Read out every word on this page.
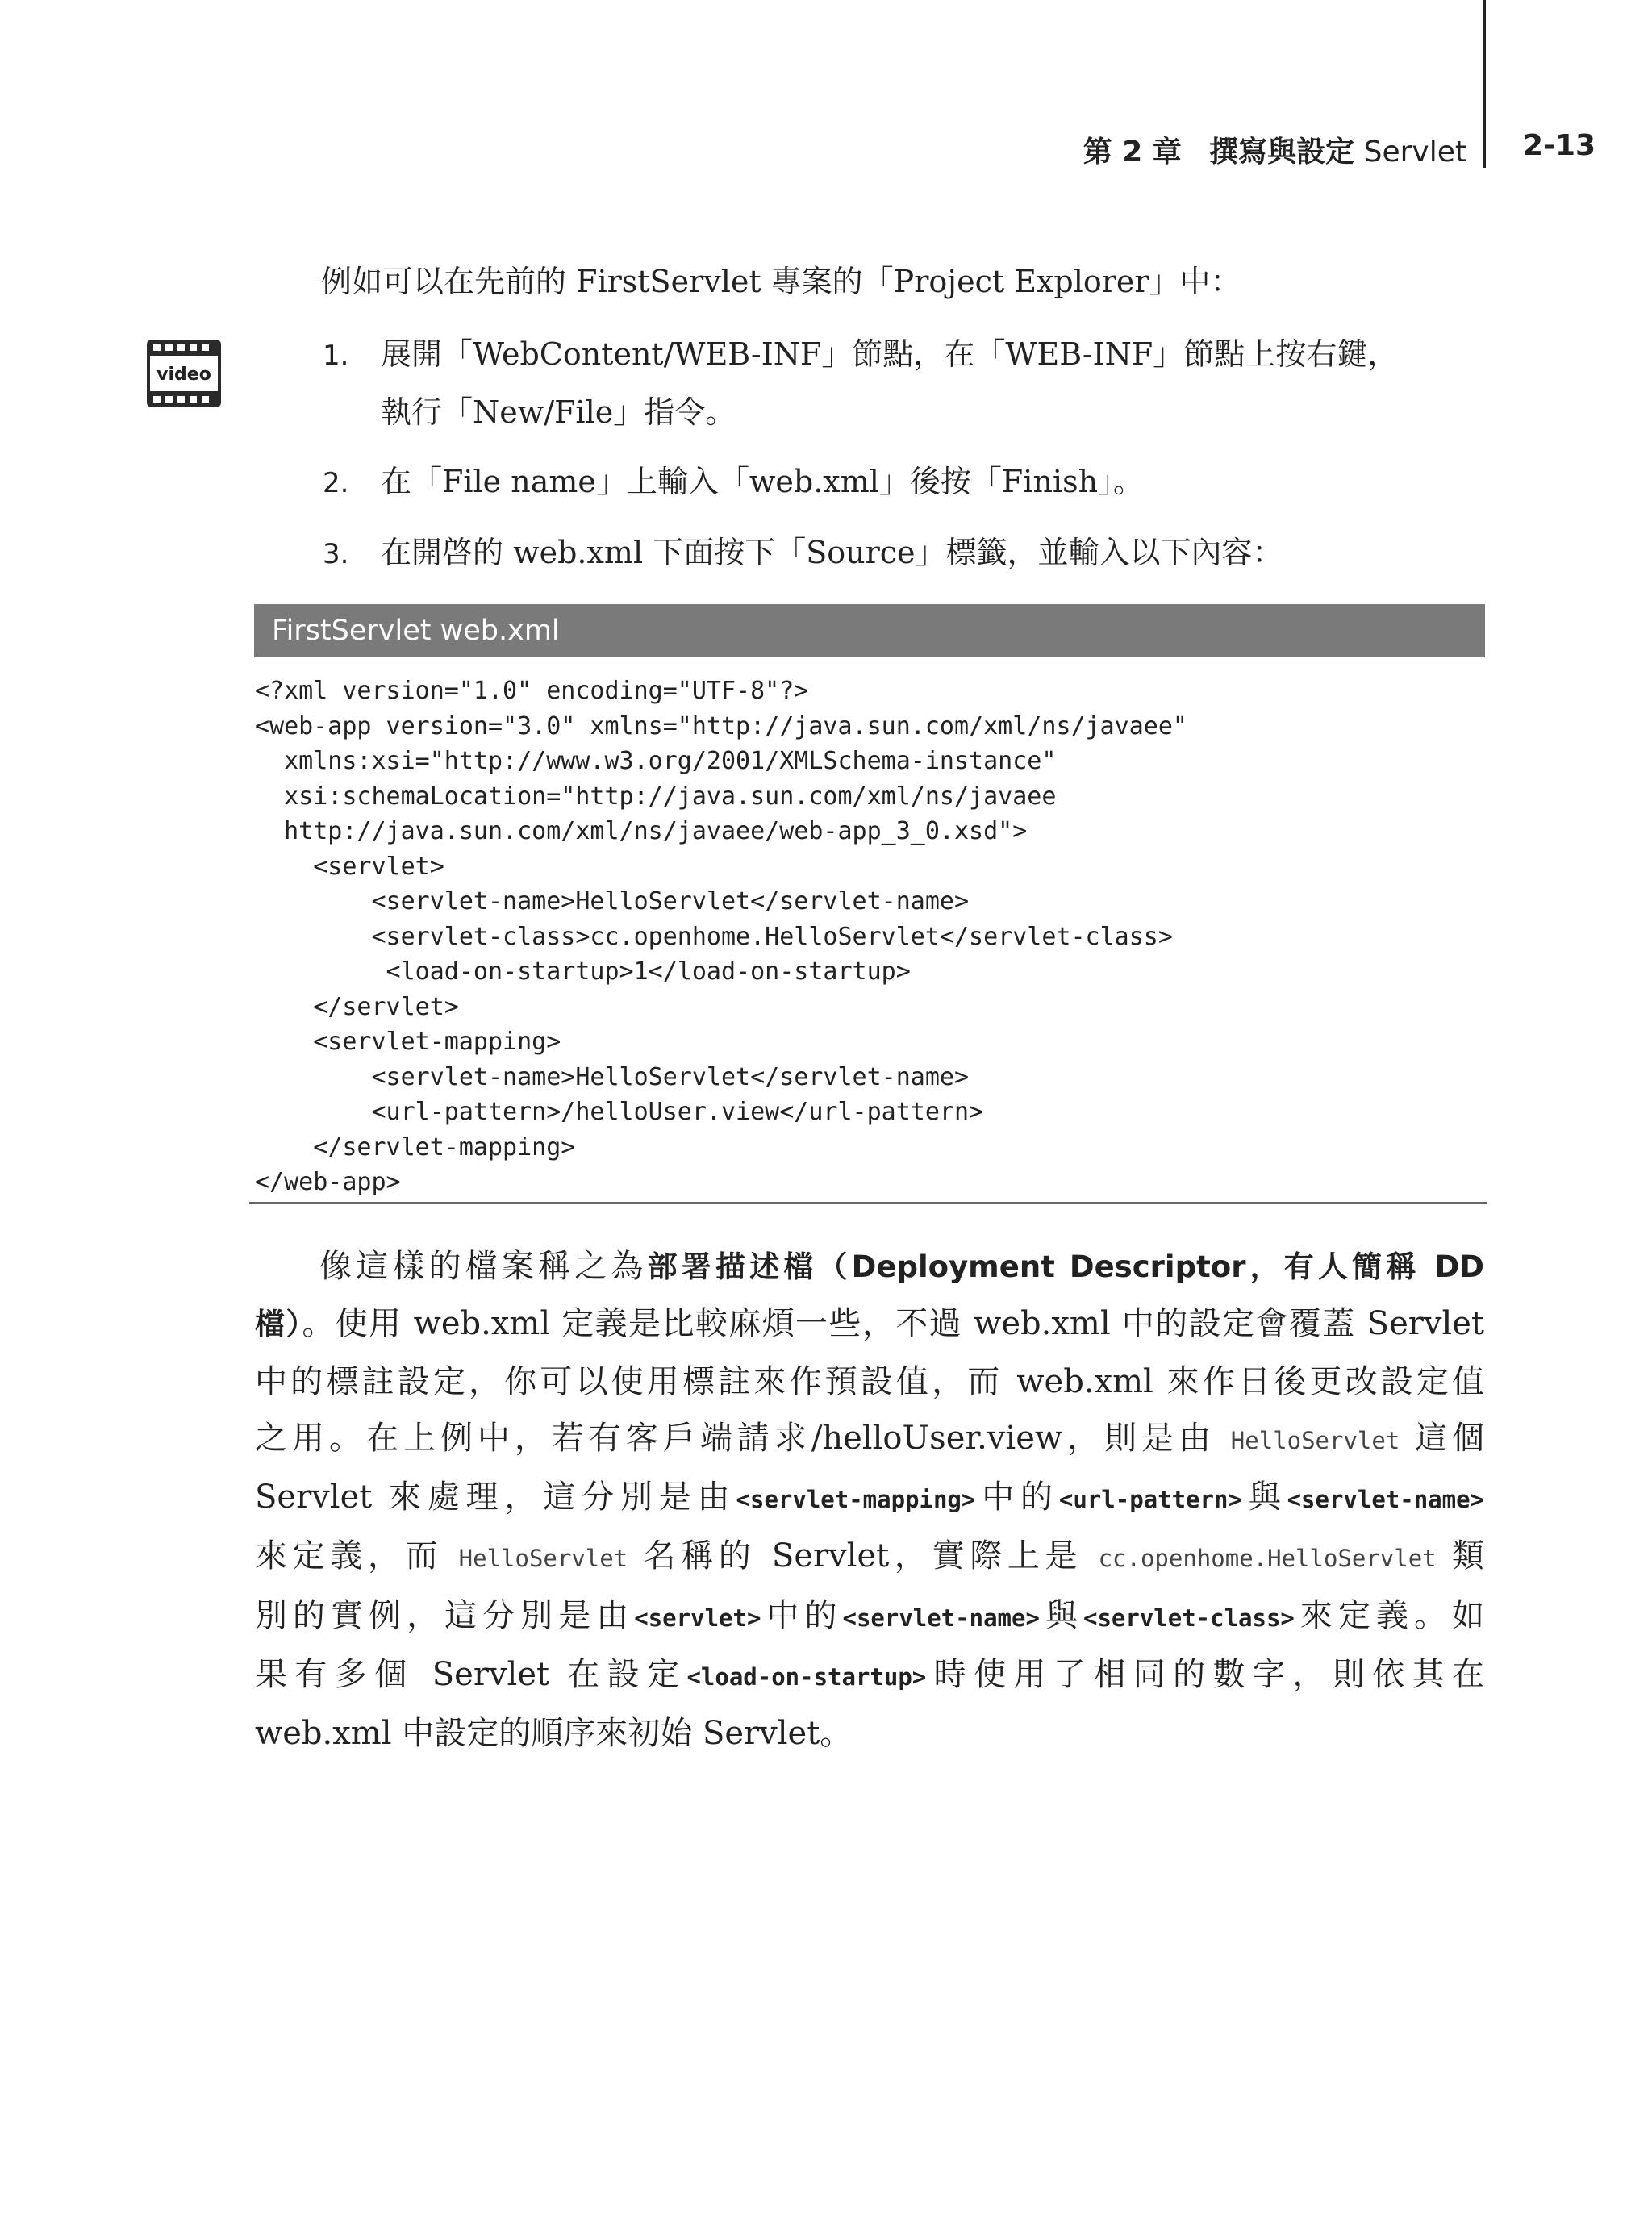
第 2 章 撰寫與設定 Servlet 2-13
例如可以在先前的 FirstServlet 專案的「Project Explorer」中：
video
1. 展開「WebContent/WEB-INF」節點，在「WEB-INF」節點上按右鍵，
執行「New/File」指令。
2. 在「File name」上輸入「web.xml」後按「Finish」。
3. 在開啓的 web.xml 下面按下「Source」標籤，並輸入以下內容：
FirstServlet web.xml
<?xml version="1.0" encoding="UTF-8"?>
<web-app version="3.0" xmlns="http://java.sun.com/xml/ns/javaee"
xmlns:xsi="http://www.w3.org/2001/XMLSchema-instance"
xsi:schemaLocation="http://java.sun.com/xml/ns/javaee
http://java.sun.com/xml/ns/javaee/web-app_3_0.xsd">
<servlet>
<servlet-name>HelloServlet</servlet-name>
<servlet-class>cc.openhome.HelloServlet</servlet-class>
<load-on-startup>1</load-on-startup>
</servlet>
<servlet-mapping>
<servlet-name>HelloServlet</servlet-name>
<url-pattern>/helloUser.view</url-pattern>
</servlet-mapping>
</web-app>
像這樣的檔案稱之為部署描述檔（Deployment Descriptor，有人簡稱 DD
檔）。使用 web.xml 定義是比較麻煩一些，不過 web.xml 中的設定會覆蓋 Servlet
中的標註設定，你可以使用標註來作預設值，而 web.xml 來作日後更改設定值
之用。在上例中，若有客戶端請求/helloUser.view，則是由 HelloServlet 這個
Servlet 來處理，這分別是由<servlet-mapping>中的<url-pattern>與<servlet-name>
來定義，而 HelloServlet 名稱的 Servlet，實際上是 cc.openhome.HelloServlet 類
別的實例，這分別是由<servlet>中的<servlet-name>與<servlet-class>來定義。如
果有多個 Servlet 在設定<load-on-startup>時使用了相同的數字，則依其在
web.xml 中設定的順序來初始 Servlet。
